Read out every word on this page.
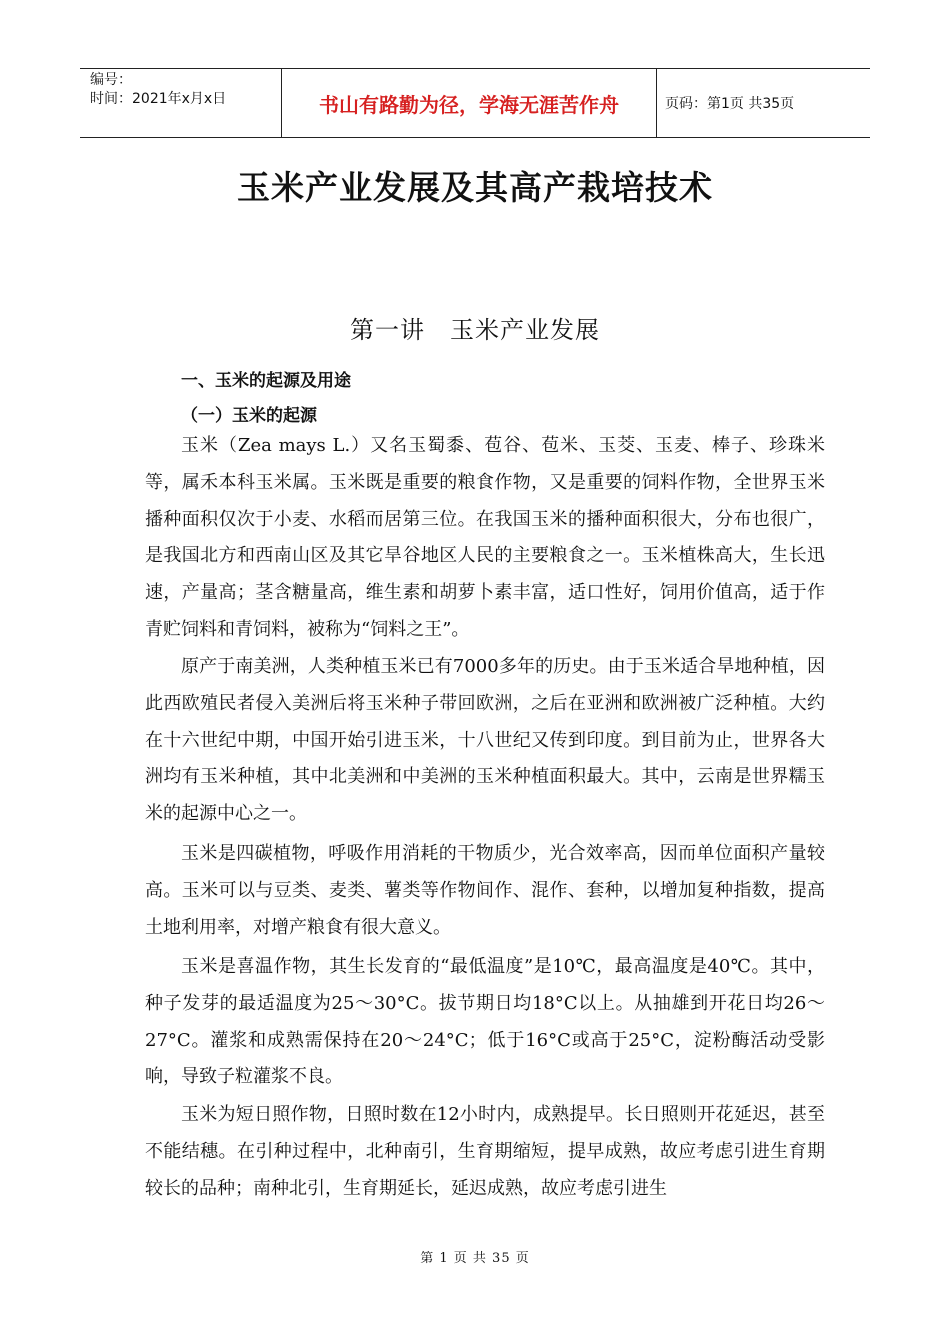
编号：
时间：2021年x月x日	书山有路勤为径，学海无涯苦作舟	页码：第1页 共35页
玉米产业发展及其高产栽培技术
第一讲　玉米产业发展
一、玉米的起源及用途
（一）玉米的起源

玉米（Zea mays L.）又名玉蜀黍、苞谷、苞米、玉茭、玉麦、棒子、珍珠米等，属禾本科玉米属。玉米既是重要的粮食作物，又是重要的饲料作物，全世界玉米播种面积仅次于小麦、水稻而居第三位。在我国玉米的播种面积很大，分布也很广，是我国北方和西南山区及其它旱谷地区人民的主要粮食之一。玉米植株高大，生长迅速，产量高；茎含糖量高，维生素和胡萝卜素丰富，适口性好，饲用价值高，适于作青贮饲料和青饲料，被称为“饲料之王”。

原产于南美洲，人类种植玉米已有7000多年的历史。由于玉米适合旱地种植，因此西欧殖民者侵入美洲后将玉米种子带回欧洲，之后在亚洲和欧洲被广泛种植。大约在十六世纪中期，中国开始引进玉米，十八世纪又传到印度。到目前为止，世界各大洲均有玉米种植，其中北美洲和中美洲的玉米种植面积最大。其中，云南是世界糯玉米的起源中心之一。

玉米是四碳植物，呼吸作用消耗的干物质少，光合效率高，因而单位面积产量较高。玉米可以与豆类、麦类、薯类等作物间作、混作、套种，以增加复种指数，提高土地利用率，对增产粮食有很大意义。

玉米是喜温作物，其生长发育的“最低温度”是10℃，最高温度是40℃。其中，种子发芽的最适温度为25～30°C。拔节期日均18°C以上。从抽雄到开花日均26～27°C。灌浆和成熟需保持在20～24°C；低于16°C或高于25°C，淀粉酶活动受影响，导致子粒灌浆不良。

玉米为短日照作物，日照时数在12小时内，成熟提早。长日照则开花延迟，甚至不能结穗。在引种过程中，北种南引，生育期缩短，提早成熟，故应考虑引进生育期较长的品种；南种北引，生育期延长，延迟成熟，故应考虑引进生

第 1 页 共 35 页
